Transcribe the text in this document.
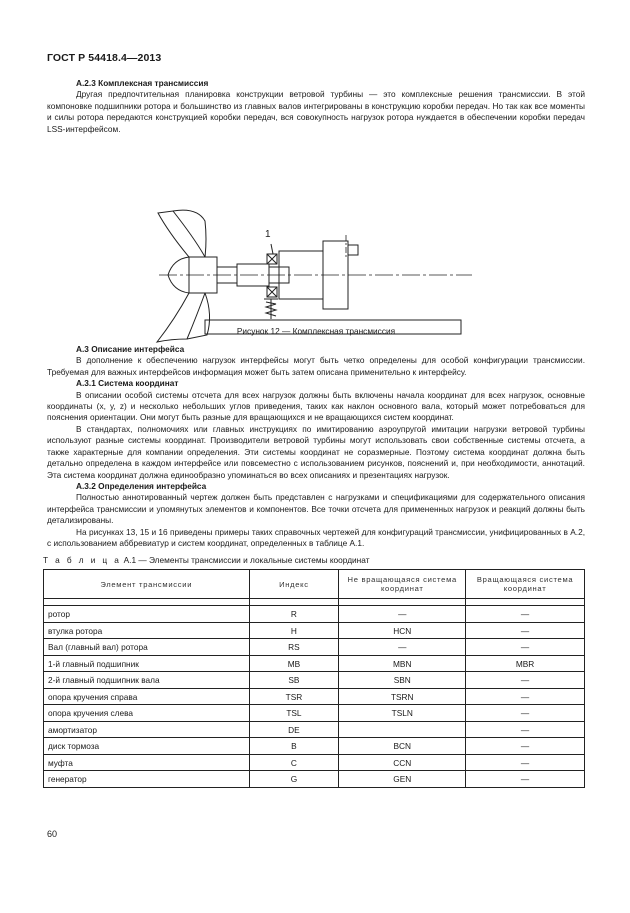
ГОСТ Р 54418.4—2013

А.2.3 Комплексная трансмиссия

Другая предпочтительная планировка конструкции ветровой турбины — это комплексные решения трансмиссии. В этой компоновке подшипники ротора и большинство из главных валов интегрированы в конструкцию коробки передач. Но так как все моменты и силы ротора передаются конструкцией коробки передач, вся совокупность нагрузок ротора нуждается в обеспечении коробки передач LSS-интерфейсом.

1
Рисунок 12 — Комплексная трансмиссия

А.3 Описание интерфейса

В дополнение к обеспечению нагрузок интерфейсы могут быть четко определены для особой конфигурации трансмиссии. Требуемая для важных интерфейсов информация может быть затем описана применительно к интерфейсу.

А.3.1 Система координат

В описании особой системы отсчета для всех нагрузок должны быть включены начала координат для всех нагрузок, основные координаты (x, y, z) и несколько небольших углов приведения, таких как наклон основного вала, который может потребоваться для пояснения ориентации. Они могут быть разные для вращающихся и не вращающихся систем координат.

В стандартах, полномочиях или главных инструкциях по имитированию аэроупругой имитации нагрузки ветровой турбины используют разные системы координат. Производители ветровой турбины могут использовать свои собственные системы отсчета, а также характерные для компании определения. Эти системы координат не соразмерные. Поэтому система координат должна быть детально определена в каждом интерфейсе или повсеместно с использованием рисунков, пояснений и, при необходимости, аннотаций. Эта система координат должна единообразно упоминаться во всех описаниях и презентациях нагрузок.

А.3.2 Определения интерфейса

Полностью аннотированный чертеж должен быть представлен с нагрузками и спецификациями для содержательного описания интерфейса трансмиссии и упомянутых элементов и компонентов. Все точки отсчета для примененных нагрузок и реакций должны быть детализированы.

На рисунках 13, 15 и 16 приведены примеры таких справочных чертежей для конфигураций трансмиссии, унифицированных в А.2, с использованием аббревиатур и систем координат, определенных в таблице А.1.

Т а б л и ц а А.1 — Элементы трансмиссии и локальные системы координат
Элемент трансмиссии	Индекс	Не вращающаяся система координат	Вращающаяся система координат

ротор	R	—	—
втулка ротора	H	HCN	—
Вал (главный вал) ротора	RS	—	—
1-й главный подшипник	MB	MBN	MBR
2-й главный подшипник вала	SB	SBN	—
опора кручения справа	TSR	TSRN	—
опора кручения слева	TSL	TSLN	—
амортизатор	DE		—
диск тормоза	B	BCN	—
муфта	C	CCN	—
генератор	G	GEN	—
60
